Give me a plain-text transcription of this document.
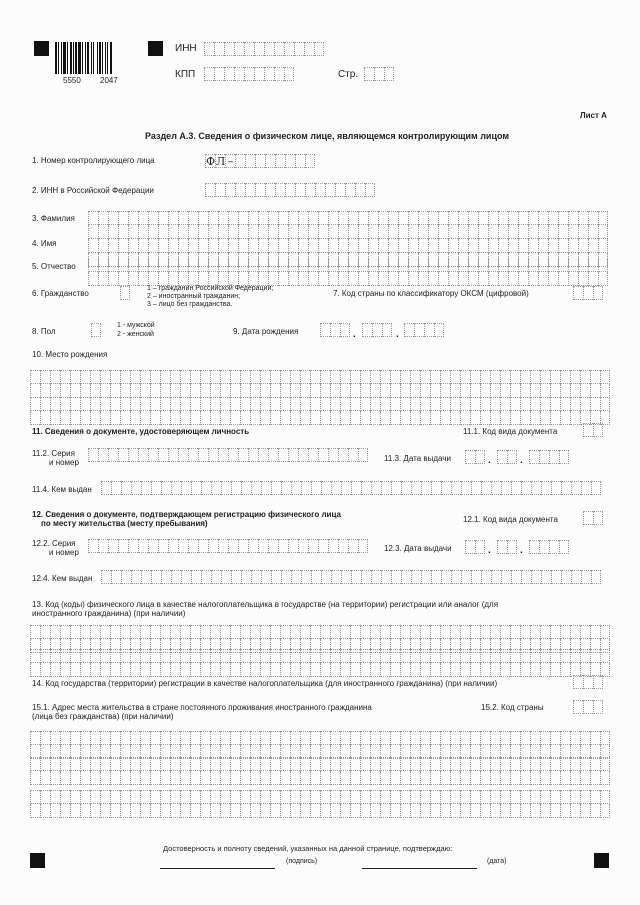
5550 2047
ИНН
КПП	Стр.
Лист А
Раздел А.3. Сведения о физическом лице, являющемся контролирующим лицом
1. Номер контролирующего лица	Ф Л –
2. ИНН в Российской Федерации
3. Фамилия
4. Имя
5. Отчество
6. Гражданство
1 – гражданин Российской Федерации;
2 – иностранный гражданин;
3 – лицо без гражданства.
7. Код страны по классификатору ОКСМ (цифровой)
8. Пол
1 - мужской
2 - женский	9. Дата рождения	.	.
10. Место рождения
11. Сведения о документе, удостоверяющем личность	11.1. Код вида документа
11.2. Серия
и номер	11.3. Дата выдачи	.	.
11.4. Кем выдан
12. Сведения о документе, подтверждающем регистрацию физического лица
по месту жительства (месту пребывания)	12.1. Код вида документа
12.2. Серия
и номер	12.3. Дата выдачи	.	.
12.4. Кем выдан
13. Код (коды) физического лица в качестве налогоплательщика в государстве (на территории) регистрации или аналог (для
иностранного гражданина) (при наличии)
14. Код государства (территории) регистрации в качестве налогоплательщика (для иностранного гражданина) (при наличии)
15.1. Адрес места жительства в стране постоянного проживания иностранного гражданина
(лица без гражданства) (при наличии)
15.2. Код страны
Достоверность и полноту сведений, указанных на данной странице, подтверждаю:
(подпись)	(дата)
